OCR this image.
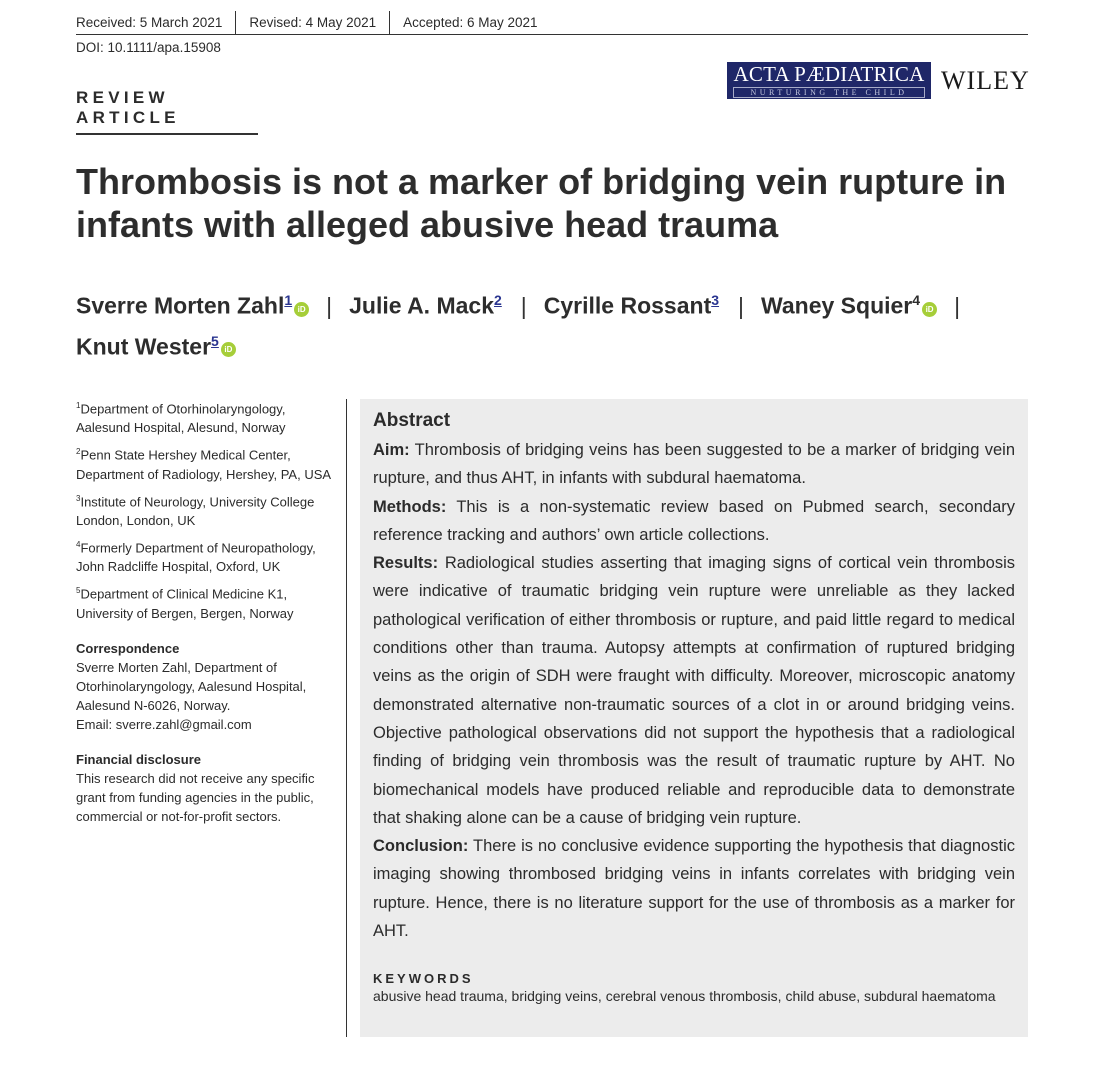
Received: 5 March 2021	Revised: 4 May 2021	Accepted: 6 May 2021
DOI: 10.1111/apa.15908
REVIEW ARTICLE
ACTA PÆDIATRICA
NURTURING THE CHILD	WILEY
Thrombosis is not a marker of bridging vein rupture in infants with alleged abusive head trauma
Sverre Morten Zahl$^1$iD | Julie A. Mack$^2$ | Cyrille Rossant$^3$ | Waney Squier$^4$iD |
Knut Wester$^5$iD
$^1$Department of Otorhinolaryngology, Aalesund Hospital, Alesund, Norway
$^2$Penn State Hershey Medical Center, Department of Radiology, Hershey, PA, USA
$^3$Institute of Neurology, University College London, London, UK
$^4$Formerly Department of Neuropathology, John Radcliffe Hospital, Oxford, UK
$^5$Department of Clinical Medicine K1, University of Bergen, Bergen, Norway
Correspondence
Sverre Morten Zahl, Department of Otorhinolaryngology, Aalesund Hospital, Aalesund N-6026, Norway.
Email: sverre.zahl@gmail.com
Financial disclosure
This research did not receive any specific grant from funding agencies in the public, commercial or not-for-profit sectors.
Abstract

Aim: Thrombosis of bridging veins has been suggested to be a marker of bridging vein rupture, and thus AHT, in infants with subdural haematoma.

Methods: This is a non-systematic review based on Pubmed search, secondary reference tracking and authors’ own article collections.

Results: Radiological studies asserting that imaging signs of cortical vein thrombosis were indicative of traumatic bridging vein rupture were unreliable as they lacked pathological verification of either thrombosis or rupture, and paid little regard to medical conditions other than trauma. Autopsy attempts at confirmation of ruptured bridging veins as the origin of SDH were fraught with difficulty. Moreover, microscopic anatomy demonstrated alternative non-traumatic sources of a clot in or around bridging veins. Objective pathological observations did not support the hypothesis that a radiological finding of bridging vein thrombosis was the result of traumatic rupture by AHT. No biomechanical models have produced reliable and reproducible data to demonstrate that shaking alone can be a cause of bridging vein rupture.

Conclusion: There is no conclusive evidence supporting the hypothesis that diagnostic imaging showing thrombosed bridging veins in infants correlates with bridging vein rupture. Hence, there is no literature support for the use of thrombosis as a marker for AHT.

KEYWORDS
abusive head trauma, bridging veins, cerebral venous thrombosis, child abuse, subdural haematoma
